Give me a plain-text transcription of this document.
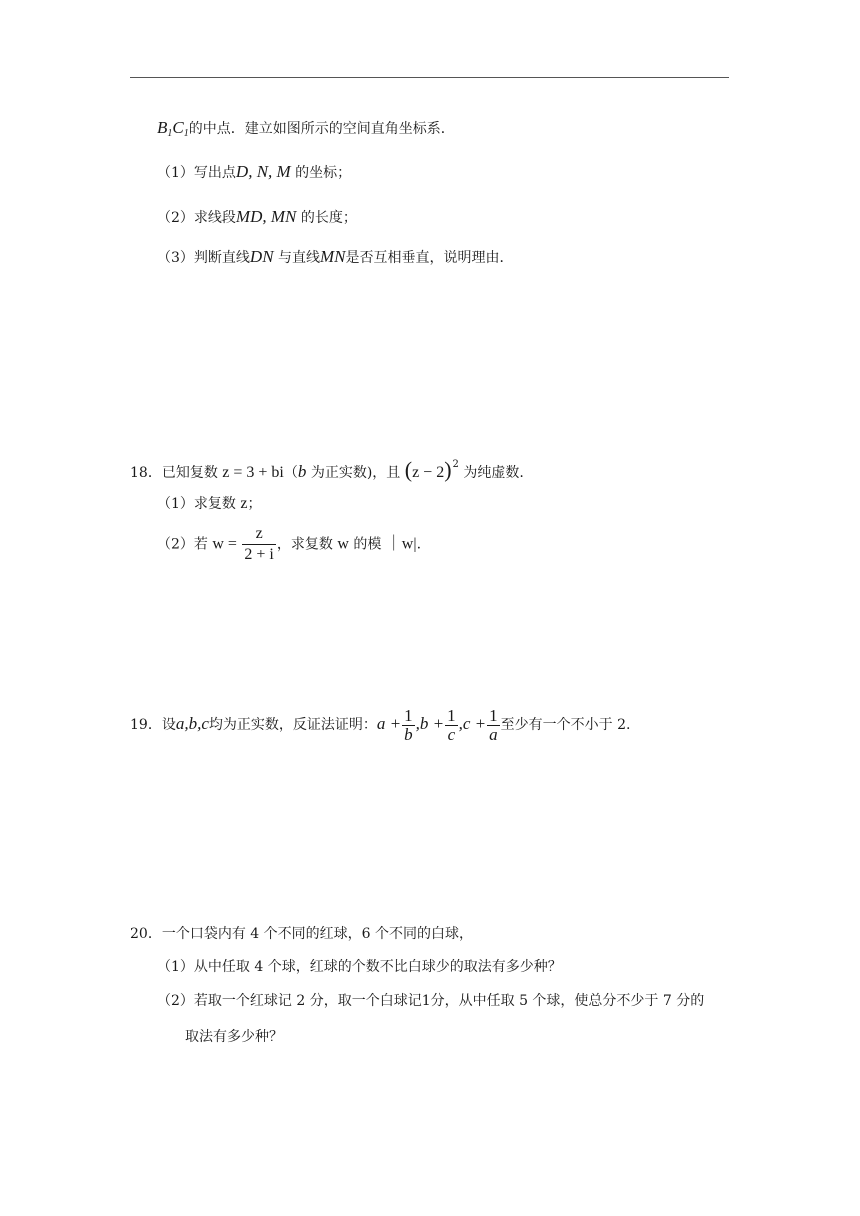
$B_1C_1$的中点．建立如图所示的空间直角坐标系．
（1）写出点D, N, M 的坐标；
（2）求线段MD, MN 的长度；
（3）判断直线DN 与直线MN是否互相垂直，说明理由．
18．已知复数 z = 3 + bi（b 为正实数)，且 $(z - 2)^2$ 为纯虚数.
（1）求复数 z；
（2）若 $w = \frac{z}{2 + i}$ ，求复数 w 的模 ｜w|.
19．设a,b,c均为正实数，反证法证明：$a + \frac{1}{b} ,b + \frac{1}{c} ,c + \frac{1}{a}$ 至少有一个不小于 2.
20．一个口袋内有 4 个不同的红球，6 个不同的白球，
（1）从中任取 4 个球，红球的个数不比白球少的取法有多少种？
（2）若取一个红球记 2 分，取一个白球记1分，从中任取 5 个球，使总分不少于 7 分的
取法有多少种？
